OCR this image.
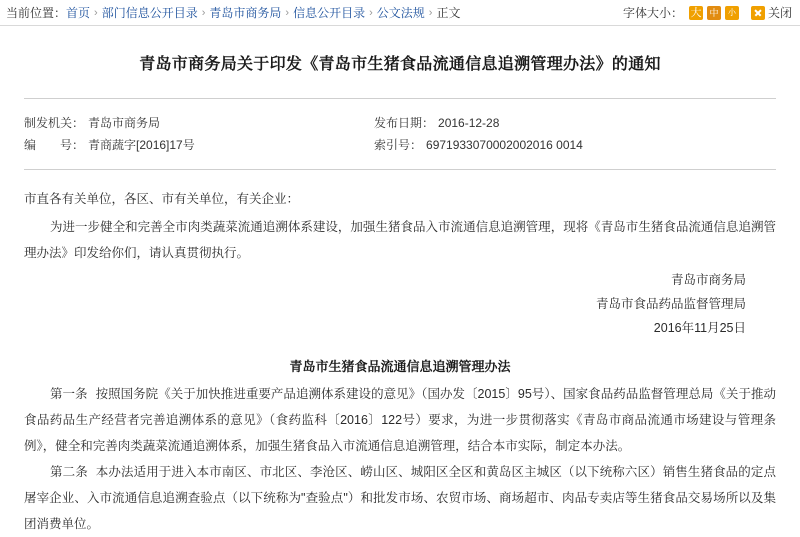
当前位置： 首页 › 部门信息公开目录 › 青岛市商务局 › 信息公开目录 › 公文法规 › 正文	字体大小： 大 中	小	关闭
青岛市商务局关于印发《青岛市生猪食品流通信息追溯管理办法》的通知
制发机关： 青岛市商务局	发布日期： 2016-12-28
编　　号： 青商蔬字[2016]17号	索引号： 6971933070002002016 0014

市直各有关单位，各区、市有关单位，有关企业：

为进一步健全和完善全市肉类蔬菜流通追溯体系建设，加强生猪食品入市流通信息追溯管理，现将《青岛市生猪食品流通信息追溯管理办法》印发给你们，请认真贯彻执行。

青岛市商务局
青岛市食品药品监督管理局
2016年11月25日
青岛市生猪食品流通信息追溯管理办法

第一条 按照国务院《关于加快推进重要产品追溯体系建设的意见》（国办发〔2015〕95号）、国家食品药品监督管理总局《关于推动食品药品生产经营者完善追溯体系的意见》（食药监科〔2016〕122号）要求，为进一步贯彻落实《青岛市商品流通市场建设与管理条例》，健全和完善肉类蔬菜流通追溯体系，加强生猪食品入市流通信息追溯管理，结合本市实际，制定本办法。

第二条 本办法适用于进入本市南区、市北区、李沧区、崂山区、城阳区全区和黄岛区主城区（以下统称六区）销售生猪食品的定点屠宰企业、入市流通信息追溯查验点（以下统称为"查验点"）和批发市场、农贸市场、商场超市、肉品专卖店等生猪食品交易场所以及集团消费单位。
